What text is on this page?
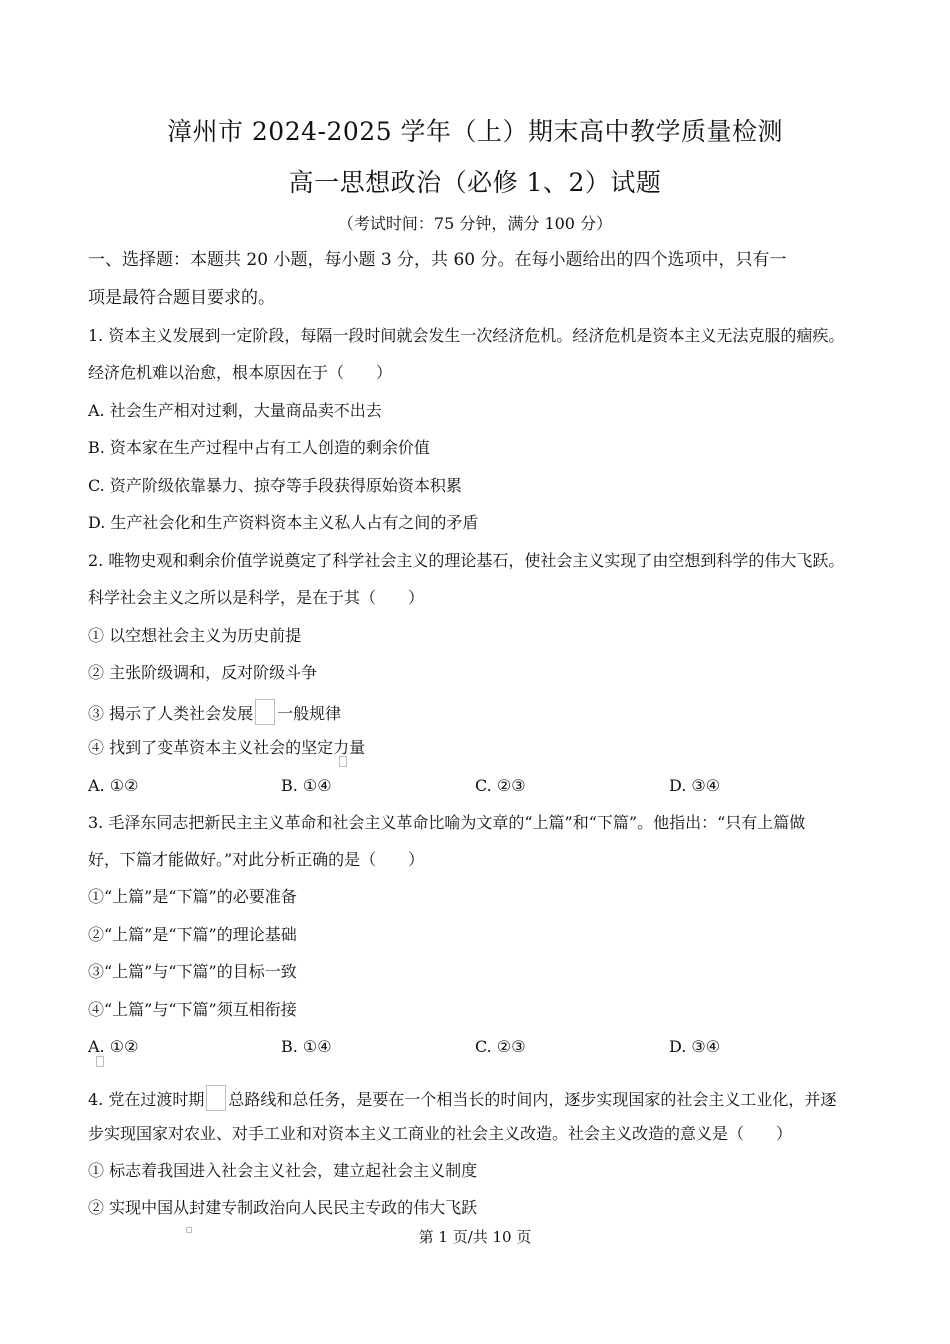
漳州市 2024-2025 学年（上）期末高中教学质量检测
高一思想政治（必修 1、2）试题
（考试时间：75 分钟，满分 100 分）
一、选择题：本题共 20 小题，每小题 3 分，共 60 分。在每小题给出的四个选项中，只有一
项是最符合题目要求的。
1. 资本主义发展到一定阶段，每隔一段时间就会发生一次经济危机。经济危机是资本主义无法克服的痼疾。
经济危机难以治愈，根本原因在于（　　）
A. 社会生产相对过剩，大量商品卖不出去
B. 资本家在生产过程中占有工人创造的剩余价值
C. 资产阶级依靠暴力、掠夺等手段获得原始资本积累
D. 生产社会化和生产资料资本主义私人占有之间的矛盾
2. 唯物史观和剩余价值学说奠定了科学社会主义的理论基石，使社会主义实现了由空想到科学的伟大飞跃。
科学社会主义之所以是科学，是在于其（　　）
① 以空想社会主义为历史前提
② 主张阶级调和，反对阶级斗争
③ 揭示了人类社会发展 一般规律
④ 找到了变革资本主义社会的坚定力量
A. ①②	B. ①④	C. ②③	D. ③④
3. 毛泽东同志把新民主主义革命和社会主义革命比喻为文章的“上篇”和“下篇”。他指出：“只有上篇做
好，下篇才能做好。”对此分析正确的是（　　）
①“上篇”是“下篇”的必要准备
②“上篇”是“下篇”的理论基础
③“上篇”与“下篇”的目标一致
④“上篇”与“下篇”须互相衔接
A. ①②	B. ①④	C. ②③	D. ③④
4. 党在过渡时期 总路线和总任务，是要在一个相当长的时间内，逐步实现国家的社会主义工业化，并逐
步实现国家对农业、对手工业和对资本主义工商业的社会主义改造。社会主义改造的意义是（　　）
① 标志着我国进入社会主义社会，建立起社会主义制度
② 实现中国从封建专制政治向人民民主专政的伟大飞跃
第 1 页/共 10 页
